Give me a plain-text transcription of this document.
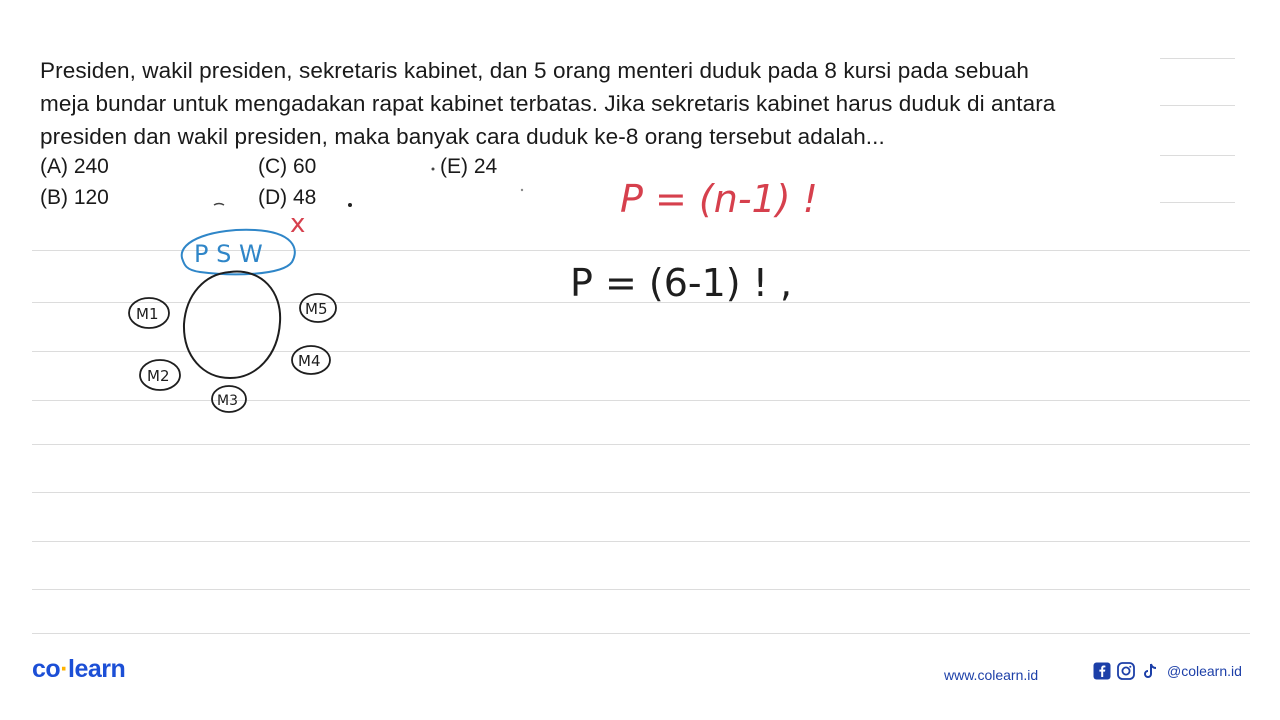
Presiden, wakil presiden, sekretaris kabinet, dan 5 orang menteri duduk pada 8 kursi pada sebuah

meja bundar untuk mengadakan rapat kabinet terbatas. Jika sekretaris kabinet harus duduk di antara

presiden dan wakil presiden, maka banyak cara duduk ke-8 orang tersebut adalah...

(A) 240
(B) 120
(C) 60
(D) 48
(E) 24
P = (n-1) !
P = (6-1) ! ,
P S W
x
M1	M5
M4
M2
M3
co·learn	www.colearn.id	@colearn.id
